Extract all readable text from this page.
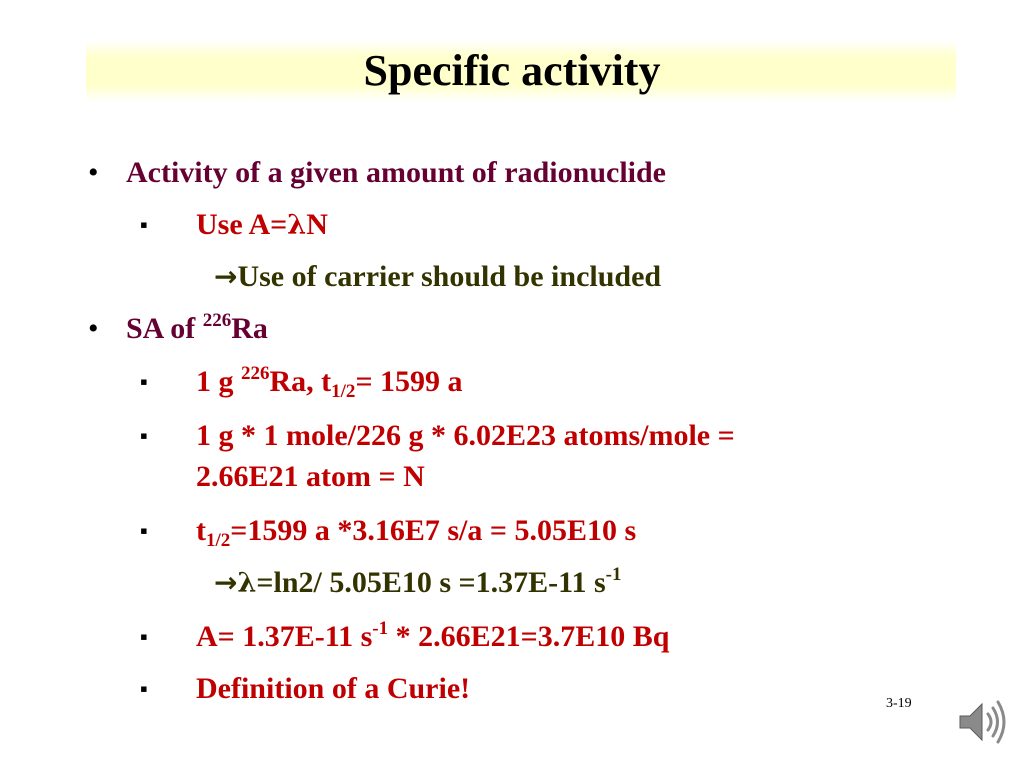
Specific activity
• Activity of a given amount of radionuclide
▪ Use A=λN
→Use of carrier should be included
• SA of $^{226}$Ra
▪ 1 g $^{226}$Ra, $t_{1/2}= 1599$ a
▪ 1 g * 1 mole/226 g * 6.02E23 atoms/mole =
2.66E21 atom = N
▪ $t_{1/2}=1599$ a *3.16E7 s/a = 5.05E10 s
→λ=ln2/ 5.05E10 s =1.37E-11 $s^{-1}$
▪ A= 1.37E-11 $s^{-1} * 2.66E21=3.7E10$ Bq
▪ Definition of a Curie!	3-19
